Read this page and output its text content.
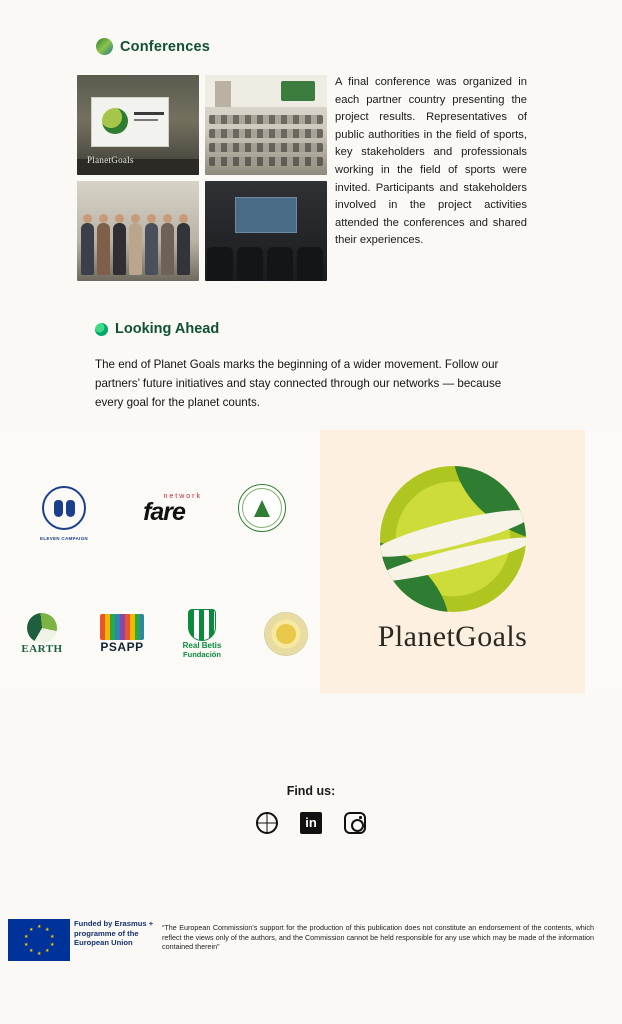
Conferences
PlanetGoals
A final conference was organized in each partner country presenting the project results. Representatives of public authorities in the field of sports, key stakeholders and professionals working in the field of sports were invited. Participants and stakeholders involved in the project activities attended the conferences and shared their experiences.
Looking Ahead
The end of Planet Goals marks the beginning of a wider movement. Follow our partners’ future initiatives and stay connected through our networks — because every goal for the planet counts.
ELEVEN CAMPAIGN
network
fare
EARTH	PSAPP	Real Betis
Fundación
PlanetGoals
Find us:
in
★ ★
★
★
★
★
★
★
★
★
Funded by Erasmus + programme of the European Union
“The European Commission's support for the production of this publication does not constitute an endorsement of the contents, which reflect the views only of the authors, and the Commission cannot be held responsible for any use which may be made of the information contained therein”
